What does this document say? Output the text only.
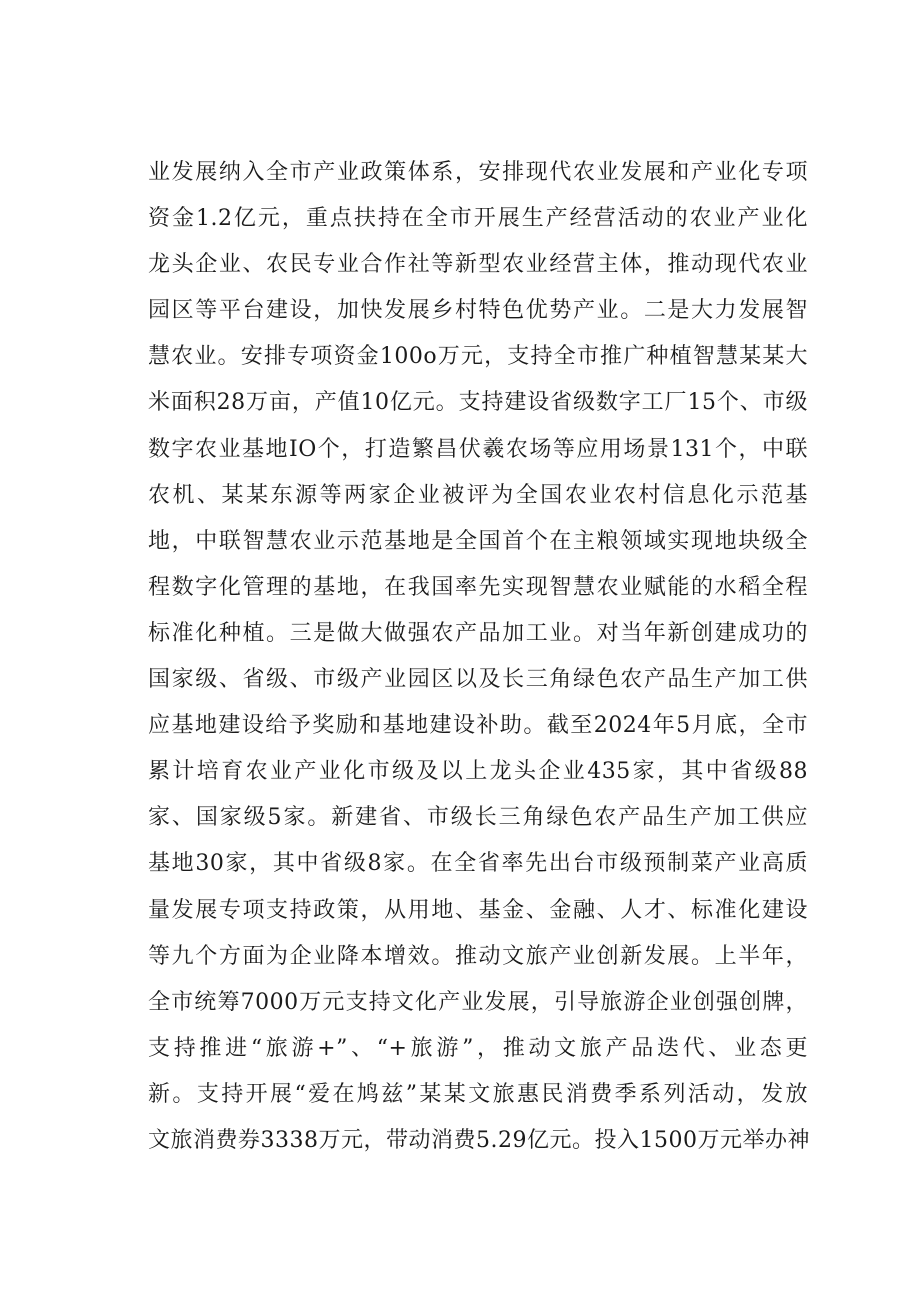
业发展纳入全市产业政策体系，安排现代农业发展和产业化专项
资金1.2亿元，重点扶持在全市开展生产经营活动的农业产业化
龙头企业、农民专业合作社等新型农业经营主体，推动现代农业
园区等平台建设，加快发展乡村特色优势产业。二是大力发展智
慧农业。安排专项资金100o万元，支持全市推广种植智慧某某大
米面积28万亩，产值10亿元。支持建设省级数字工厂15个、市级
数字农业基地IO个，打造繁昌伏羲农场等应用场景131个，中联
农机、某某东源等两家企业被评为全国农业农村信息化示范基
地，中联智慧农业示范基地是全国首个在主粮领域实现地块级全
程数字化管理的基地，在我国率先实现智慧农业赋能的水稻全程
标准化种植。三是做大做强农产品加工业。对当年新创建成功的
国家级、省级、市级产业园区以及长三角绿色农产品生产加工供
应基地建设给予奖励和基地建设补助。截至2024年5月底，全市
累计培育农业产业化市级及以上龙头企业435家，其中省级88
家、国家级5家。新建省、市级长三角绿色农产品生产加工供应
基地30家，其中省级8家。在全省率先出台市级预制菜产业高质
量发展专项支持政策，从用地、基金、金融、人才、标准化建设
等九个方面为企业降本增效。推动文旅产业创新发展。上半年，
全市统筹7000万元支持文化产业发展，引导旅游企业创强创牌，
支持推进“旅游+”、“+旅游”，推动文旅产品迭代、业态更
新。支持开展“爱在鸠兹”某某文旅惠民消费季系列活动，发放
文旅消费券3338万元，带动消费5.29亿元。投入1500万元举办神
